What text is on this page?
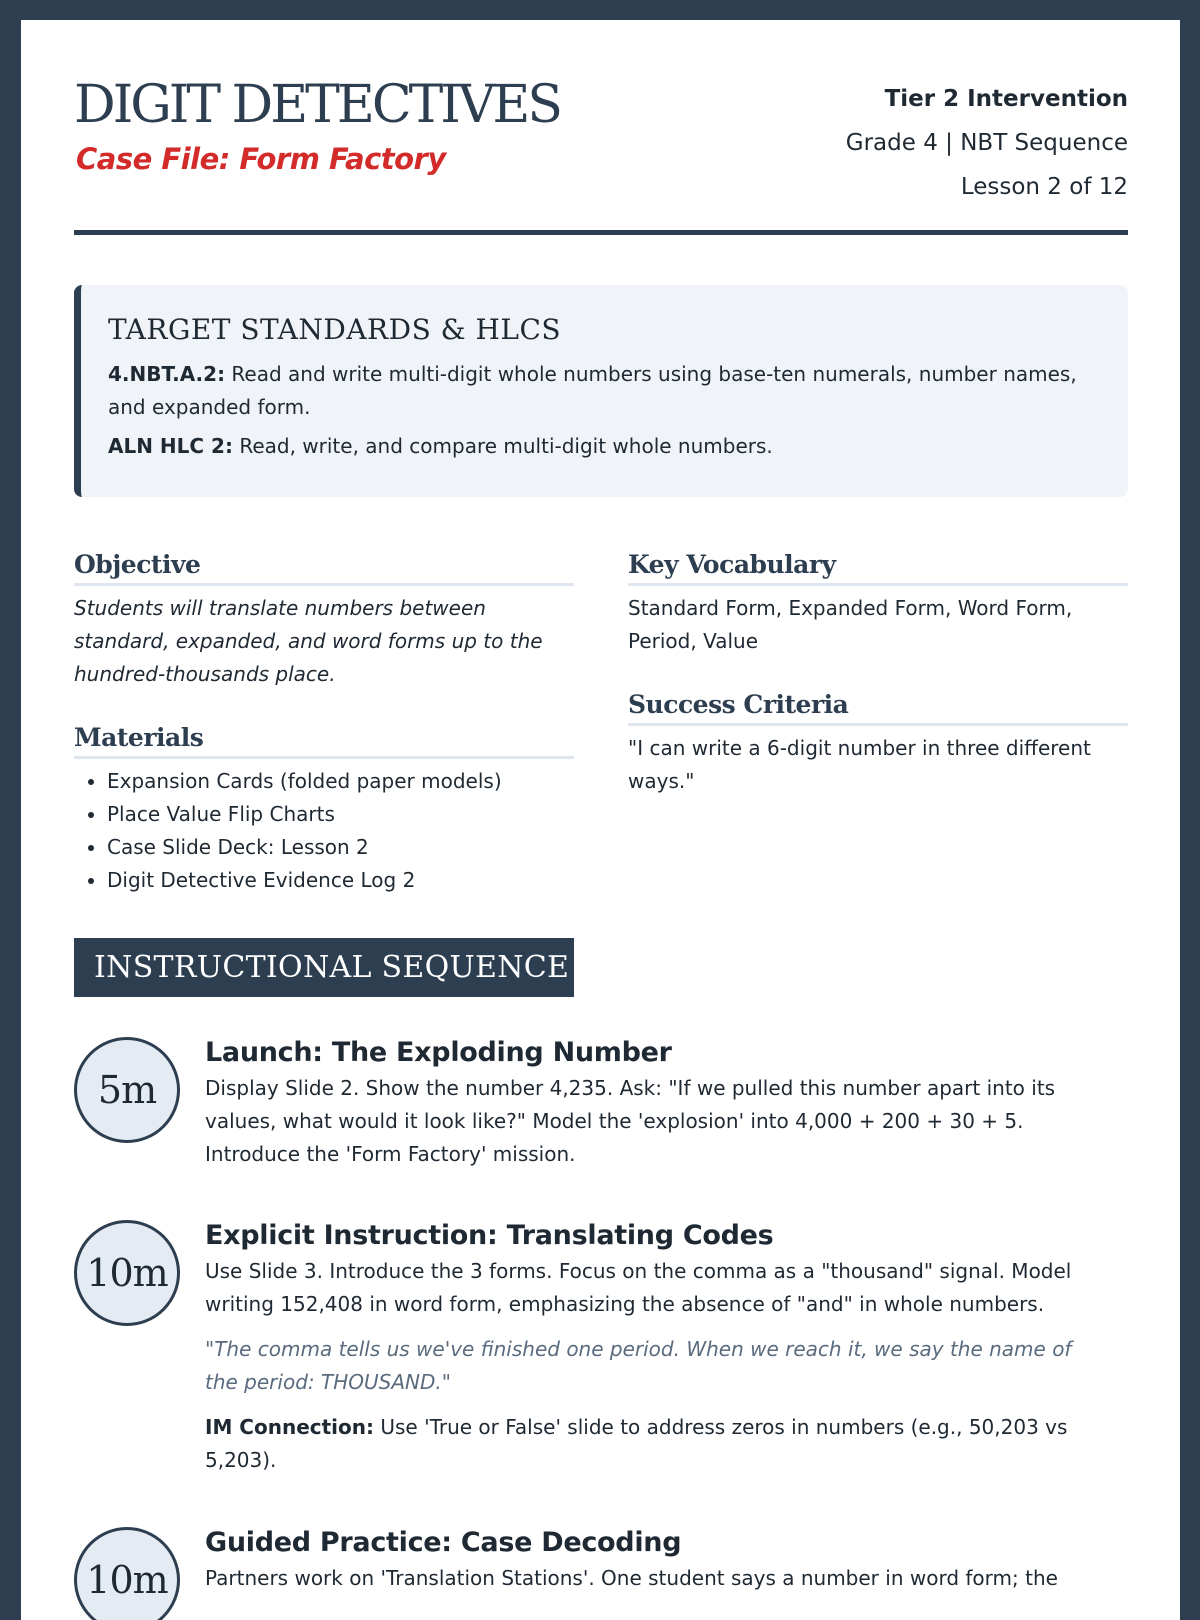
DIGIT DETECTIVES
Case File: Form Factory
Tier 2 Intervention
Grade 4 | NBT Sequence
Lesson 2 of 12
TARGET STANDARDS & HLCS

4.NBT.A.2: Read and write multi-digit whole numbers using base-ten numerals, number names, and expanded form.

ALN HLC 2: Read, write, and compare multi-digit whole numbers.

Objective

Students will translate numbers between standard, expanded, and word forms up to the hundred-thousands place.

Materials
• Expansion Cards (folded paper models)
• Place Value Flip Charts
• Case Slide Deck: Lesson 2
• Digit Detective Evidence Log 2
Key Vocabulary

Standard Form, Expanded Form, Word Form, Period, Value

Success Criteria

"I can write a 6-digit number in three different ways."

INSTRUCTIONAL SEQUENCE
5m
Launch: The Exploding Number

Display Slide 2. Show the number 4,235. Ask: "If we pulled this number apart into its values, what would it look like?" Model the 'explosion' into 4,000 + 200 + 30 + 5. Introduce the 'Form Factory' mission.

10m
Explicit Instruction: Translating Codes

Use Slide 3. Introduce the 3 forms. Focus on the comma as a "thousand" signal. Model writing 152,408 in word form, emphasizing the absence of "and" in whole numbers.

"The comma tells us we've finished one period. When we reach it, we say the name of the period: THOUSAND."

IM Connection: Use 'True or False' slide to address zeros in numbers (e.g., 50,203 vs 5,203).

10m
Guided Practice: Case Decoding

Partners work on 'Translation Stations'. One student says a number in word form; the
